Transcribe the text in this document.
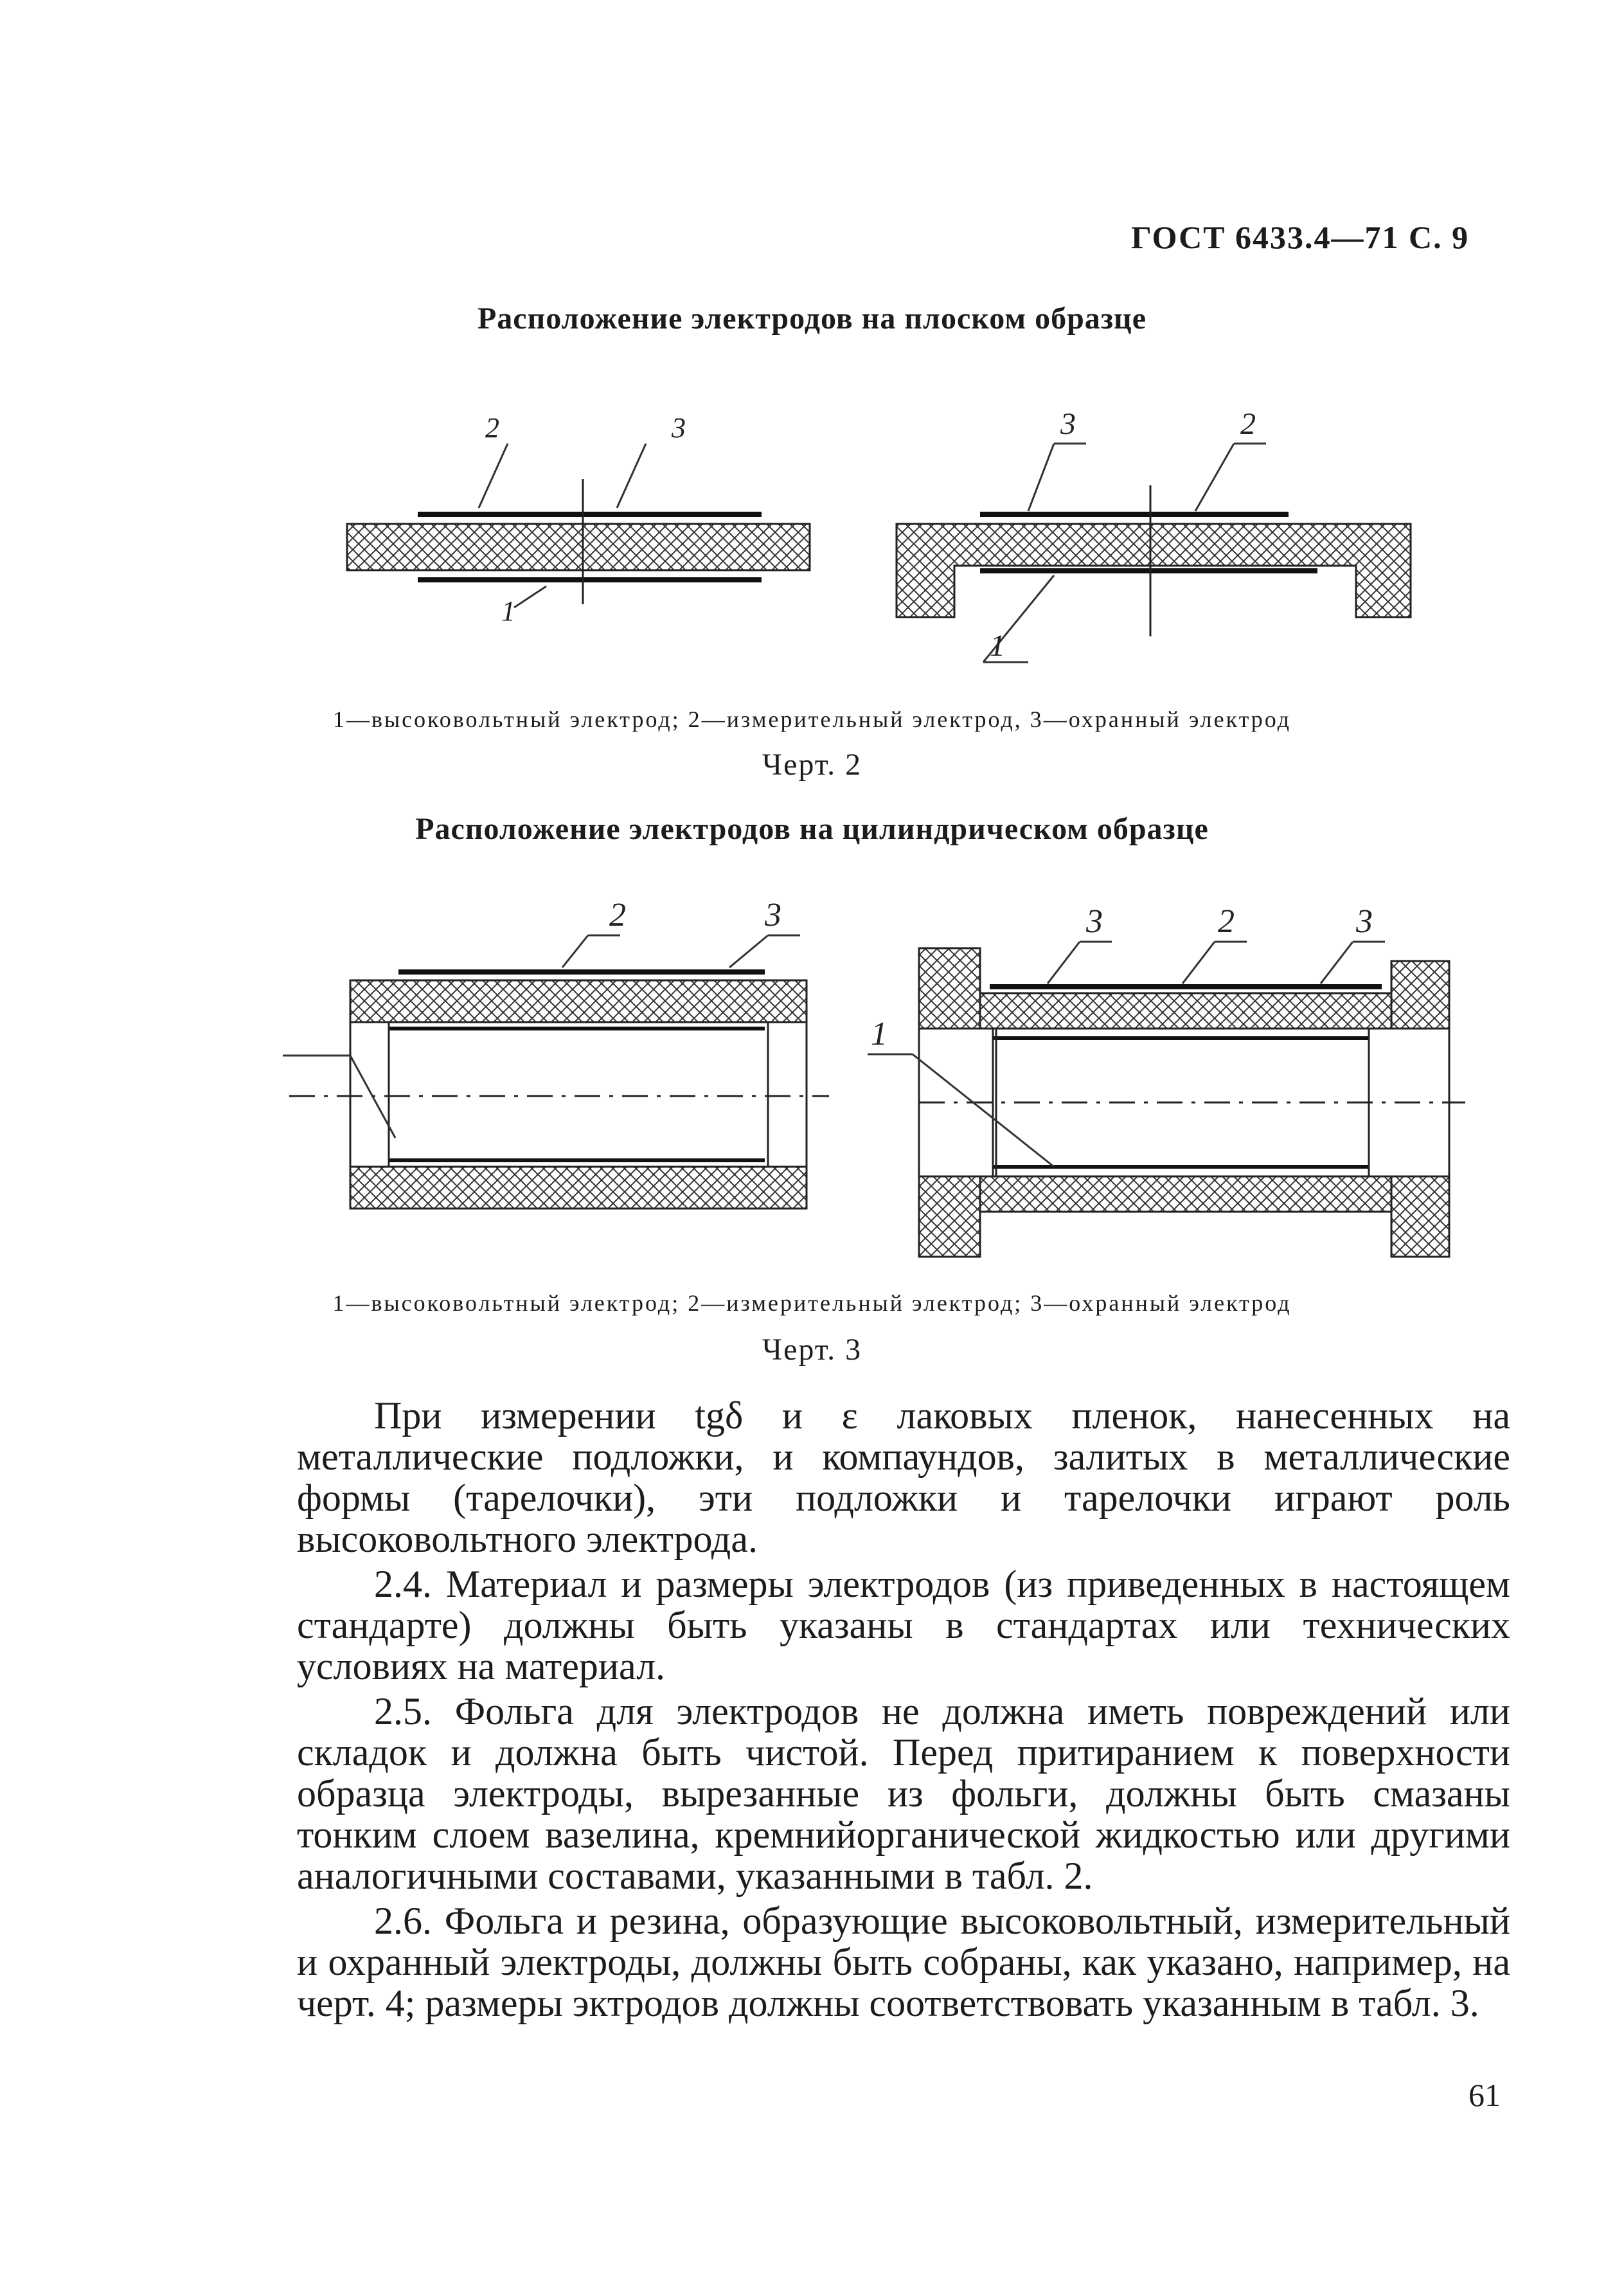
ГОСТ 6433.4—71 С. 9
Расположение электродов на плоском образце
2	3
1
3	2
1
1—высоковольтный электрод; 2—измерительный электрод, 3—охранный электрод
Черт. 2
Расположение электродов на цилиндрическом образце
2	3	3	2	3
1
1—высоковольтный электрод; 2—измерительный электрод; 3—охранный электрод
Черт. 3

При измерении tgδ и ε лаковых пленок, нанесенных на металлические подложки, и компаундов, залитых в металлические формы (тарелочки), эти подложки и тарелочки играют роль высоковольтного электрода.

2.4. Материал и размеры электродов (из приведенных в настоящем стандарте) должны быть указаны в стандартах или технических условиях на материал.

2.5. Фольга для электродов не должна иметь повреждений или складок и должна быть чистой. Перед притиранием к поверхности образца электроды, вырезанные из фольги, должны быть смазаны тонким слоем вазелина, кремнийорганической жидкостью или другими аналогичными составами, указанными в табл. 2.

2.6. Фольга и резина, образующие высоковольтный, измерительный и охранный электроды, должны быть собраны, как указано, например, на черт. 4; размеры эктродов должны соответствовать указанным в табл. 3.

61
